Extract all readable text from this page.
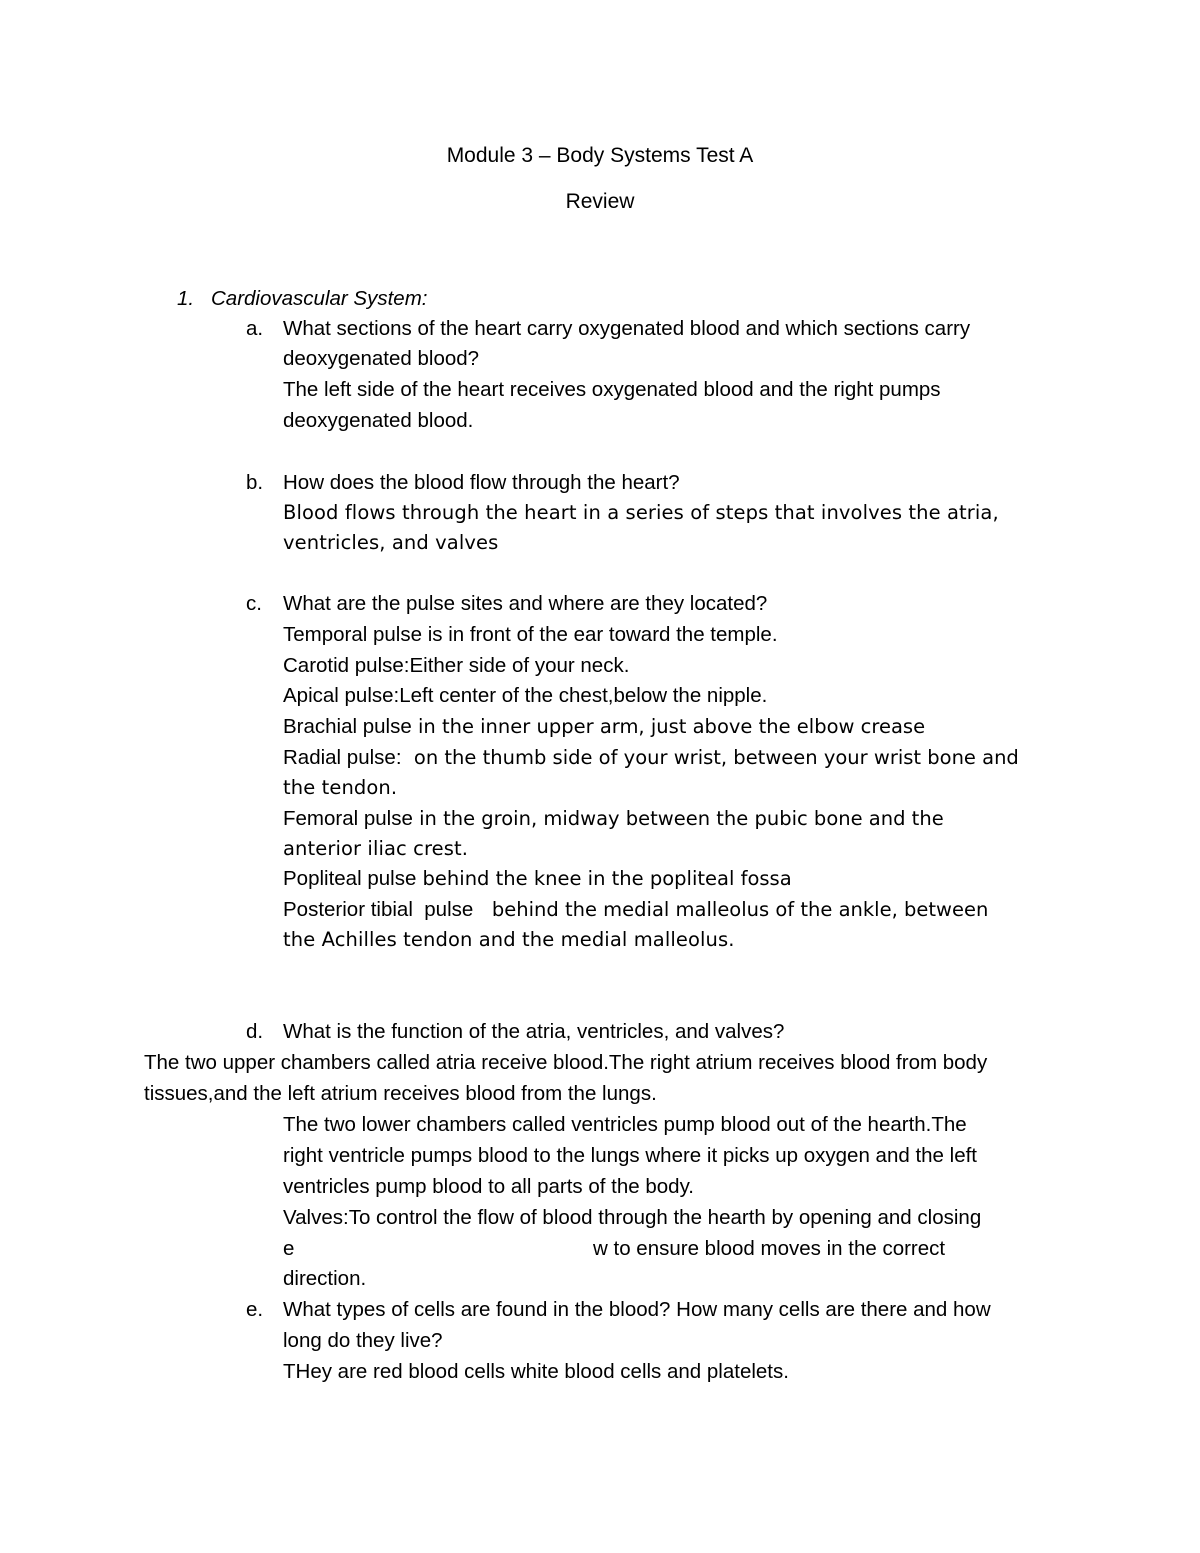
Module 3 – Body Systems Test A
Review
1. Cardiovascular System:
a. What sections of the heart carry oxygenated blood and which sections carry
deoxygenated blood?
The left side of the heart receives oxygenated blood and the right pumps
deoxygenated blood.
b. How does the blood flow through the heart?
Blood flows through the heart in a series of steps that involves the atria,
ventricles, and valves
c. What are the pulse sites and where are they located?
Temporal pulse is in front of the ear toward the temple.
Carotid pulse:Either side of your neck.
Apical pulse:Left center of the chest,below the nipple.
Brachial pulse in the inner upper arm, just above the elbow crease
Radial pulse:  on the thumb side of your wrist, between your wrist bone and
the tendon.
Femoral pulse in the groin, midway between the pubic bone and the
anterior iliac crest.
Popliteal pulse behind the knee in the popliteal fossa
Posterior tibial  pulse   behind the medial malleolus of the ankle, between
the Achilles tendon and the medial malleolus.
d. What is the function of the atria, ventricles, and valves?
The two upper chambers called atria receive blood.The right atrium receives blood from body
tissues,and the left atrium receives blood from the lungs.
The two lower chambers called ventricles pump blood out of the hearth.The
right ventricle pumps blood to the lungs where it picks up oxygen and the left
ventricles pump blood to all parts of the body.
Valves:To control the flow of blood through the hearth by opening and closing
e	w to ensure blood moves in the correct
direction.
e. What types of cells are found in the blood? How many cells are there and how
long do they live?
THey are red blood cells white blood cells and platelets.
